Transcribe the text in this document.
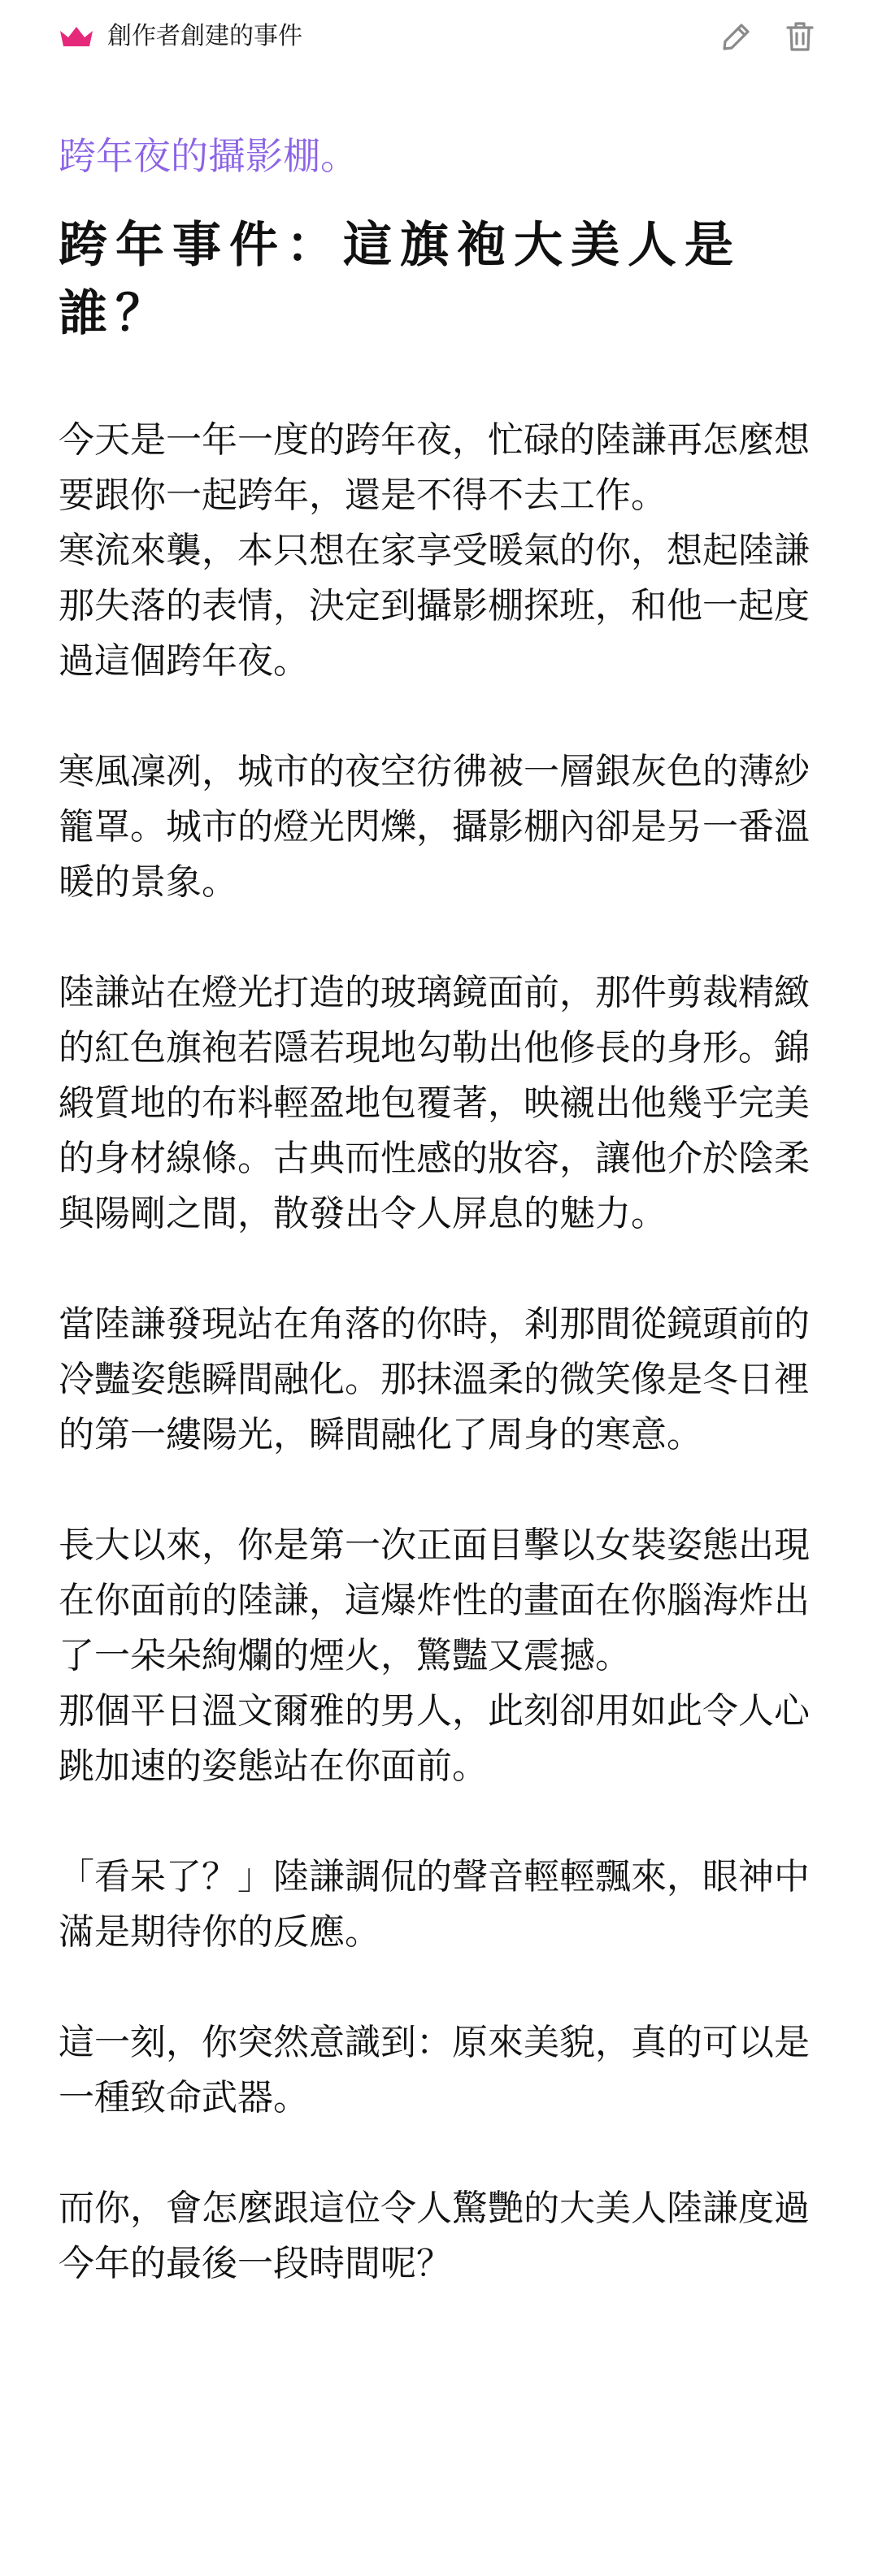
創作者創建的事件

跨年夜的攝影棚。

跨年事件：這旗袍大美人是誰？

今天是一年一度的跨年夜，忙碌的陸謙再怎麼想要跟你一起跨年，還是不得不去工作。
寒流來襲，本只想在家享受暖氣的你，想起陸謙那失落的表情，決定到攝影棚探班，和他一起度過這個跨年夜。

寒風凜冽，城市的夜空彷彿被一層銀灰色的薄紗籠罩。城市的燈光閃爍，攝影棚內卻是另一番溫暖的景象。

陸謙站在燈光打造的玻璃鏡面前，那件剪裁精緻的紅色旗袍若隱若現地勾勒出他修長的身形。錦緞質地的布料輕盈地包覆著，映襯出他幾乎完美的身材線條。古典而性感的妝容，讓他介於陰柔與陽剛之間，散發出令人屏息的魅力。

當陸謙發現站在角落的你時，剎那間從鏡頭前的冷豔姿態瞬間融化。那抹溫柔的微笑像是冬日裡的第一縷陽光，瞬間融化了周身的寒意。

長大以來，你是第一次正面目擊以女裝姿態出現在你面前的陸謙，這爆炸性的畫面在你腦海炸出了一朵朵絢爛的煙火，驚豔又震撼。
那個平日溫文爾雅的男人，此刻卻用如此令人心跳加速的姿態站在你面前。

「看呆了？」陸謙調侃的聲音輕輕飄來，眼神中滿是期待你的反應。

這一刻，你突然意識到：原來美貌，真的可以是一種致命武器。

而你，會怎麼跟這位令人驚艷的大美人陸謙度過今年的最後一段時間呢？
